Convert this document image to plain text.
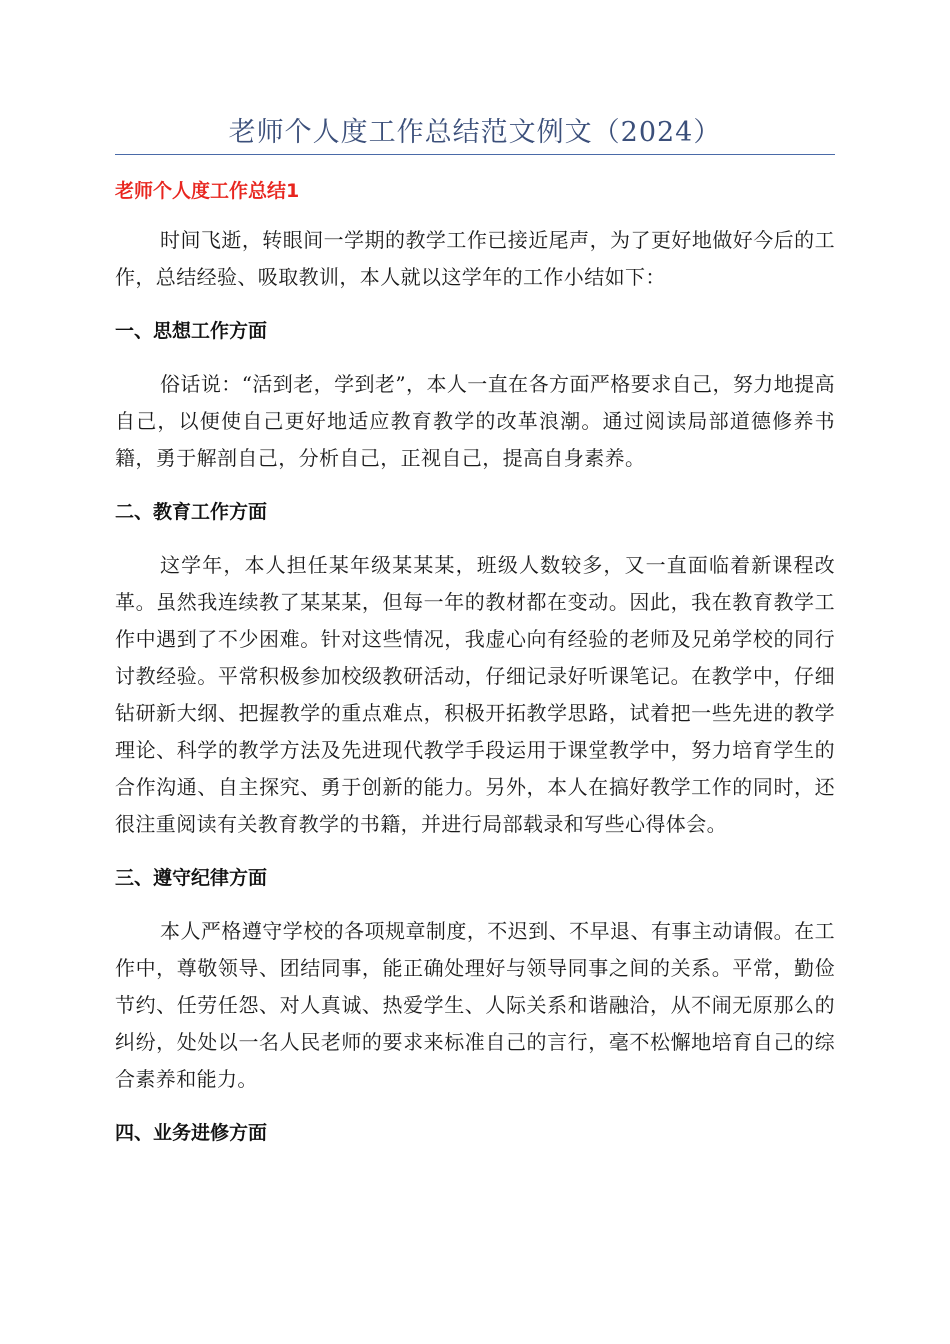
老师个人度工作总结范文例文（2024）
老师个人度工作总结1

时间飞逝，转眼间一学期的教学工作已接近尾声，为了更好地做好今后的工作，总结经验、吸取教训，本人就以这学年的工作小结如下：

一、思想工作方面

俗话说：“活到老，学到老”，本人一直在各方面严格要求自己，努力地提高自己，以便使自己更好地适应教育教学的改革浪潮。通过阅读局部道德修养书籍，勇于解剖自己，分析自己，正视自己，提高自身素养。

二、教育工作方面

这学年，本人担任某年级某某某，班级人数较多，又一直面临着新课程改革。虽然我连续教了某某某，但每一年的教材都在变动。因此，我在教育教学工作中遇到了不少困难。针对这些情况，我虚心向有经验的老师及兄弟学校的同行讨教经验。平常积极参加校级教研活动，仔细记录好听课笔记。在教学中，仔细钻研新大纲、把握教学的重点难点，积极开拓教学思路，试着把一些先进的教学理论、科学的教学方法及先进现代教学手段运用于课堂教学中，努力培育学生的合作沟通、自主探究、勇于创新的能力。另外，本人在搞好教学工作的同时，还很注重阅读有关教育教学的书籍，并进行局部载录和写些心得体会。

三、遵守纪律方面

本人严格遵守学校的各项规章制度，不迟到、不早退、有事主动请假。在工作中，尊敬领导、团结同事，能正确处理好与领导同事之间的关系。平常，勤俭节约、任劳任怨、对人真诚、热爱学生、人际关系和谐融洽，从不闹无原那么的纠纷，处处以一名人民老师的要求来标准自己的言行，毫不松懈地培育自己的综合素养和能力。

四、业务进修方面
